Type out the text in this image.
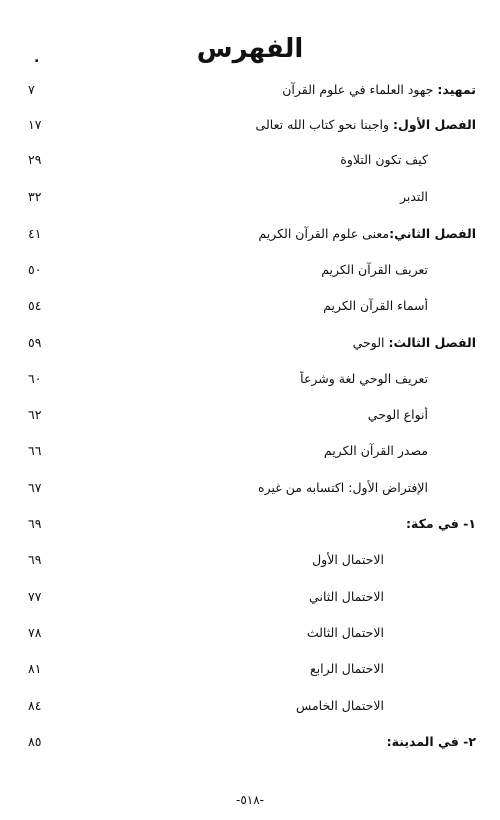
الفهرس
.
تمهيد: جهود العلماء في علوم القرآن
٧
الفصل الأول: واجبنا نحو كتاب الله تعالى
١٧
كيف تكون التلاوة
٢٩
التدبر
٣٢
الفصل الثاني:معنى علوم القرآن الكريم
٤١
تعريف القرآن الكريم
٥٠
أسماء القرآن الكريم
٥٤
الفصل الثالث: الوحي
٥٩
تعريف الوحي لغة وشرعاً
٦٠
أنواع الوحي
٦٢
مصدر القرآن الكريم
٦٦
الإفتراض الأول: اكتسابه من غيره
٦٧
١- في مكة:
٦٩
الاحتمال الأول
٦٩
الاحتمال الثاني
٧٧
الاحتمال الثالث
٧٨
الاحتمال الرابع
٨١
الاحتمال الخامس
٨٤
٢- في المدينة:
٨٥
-٥١٨-
